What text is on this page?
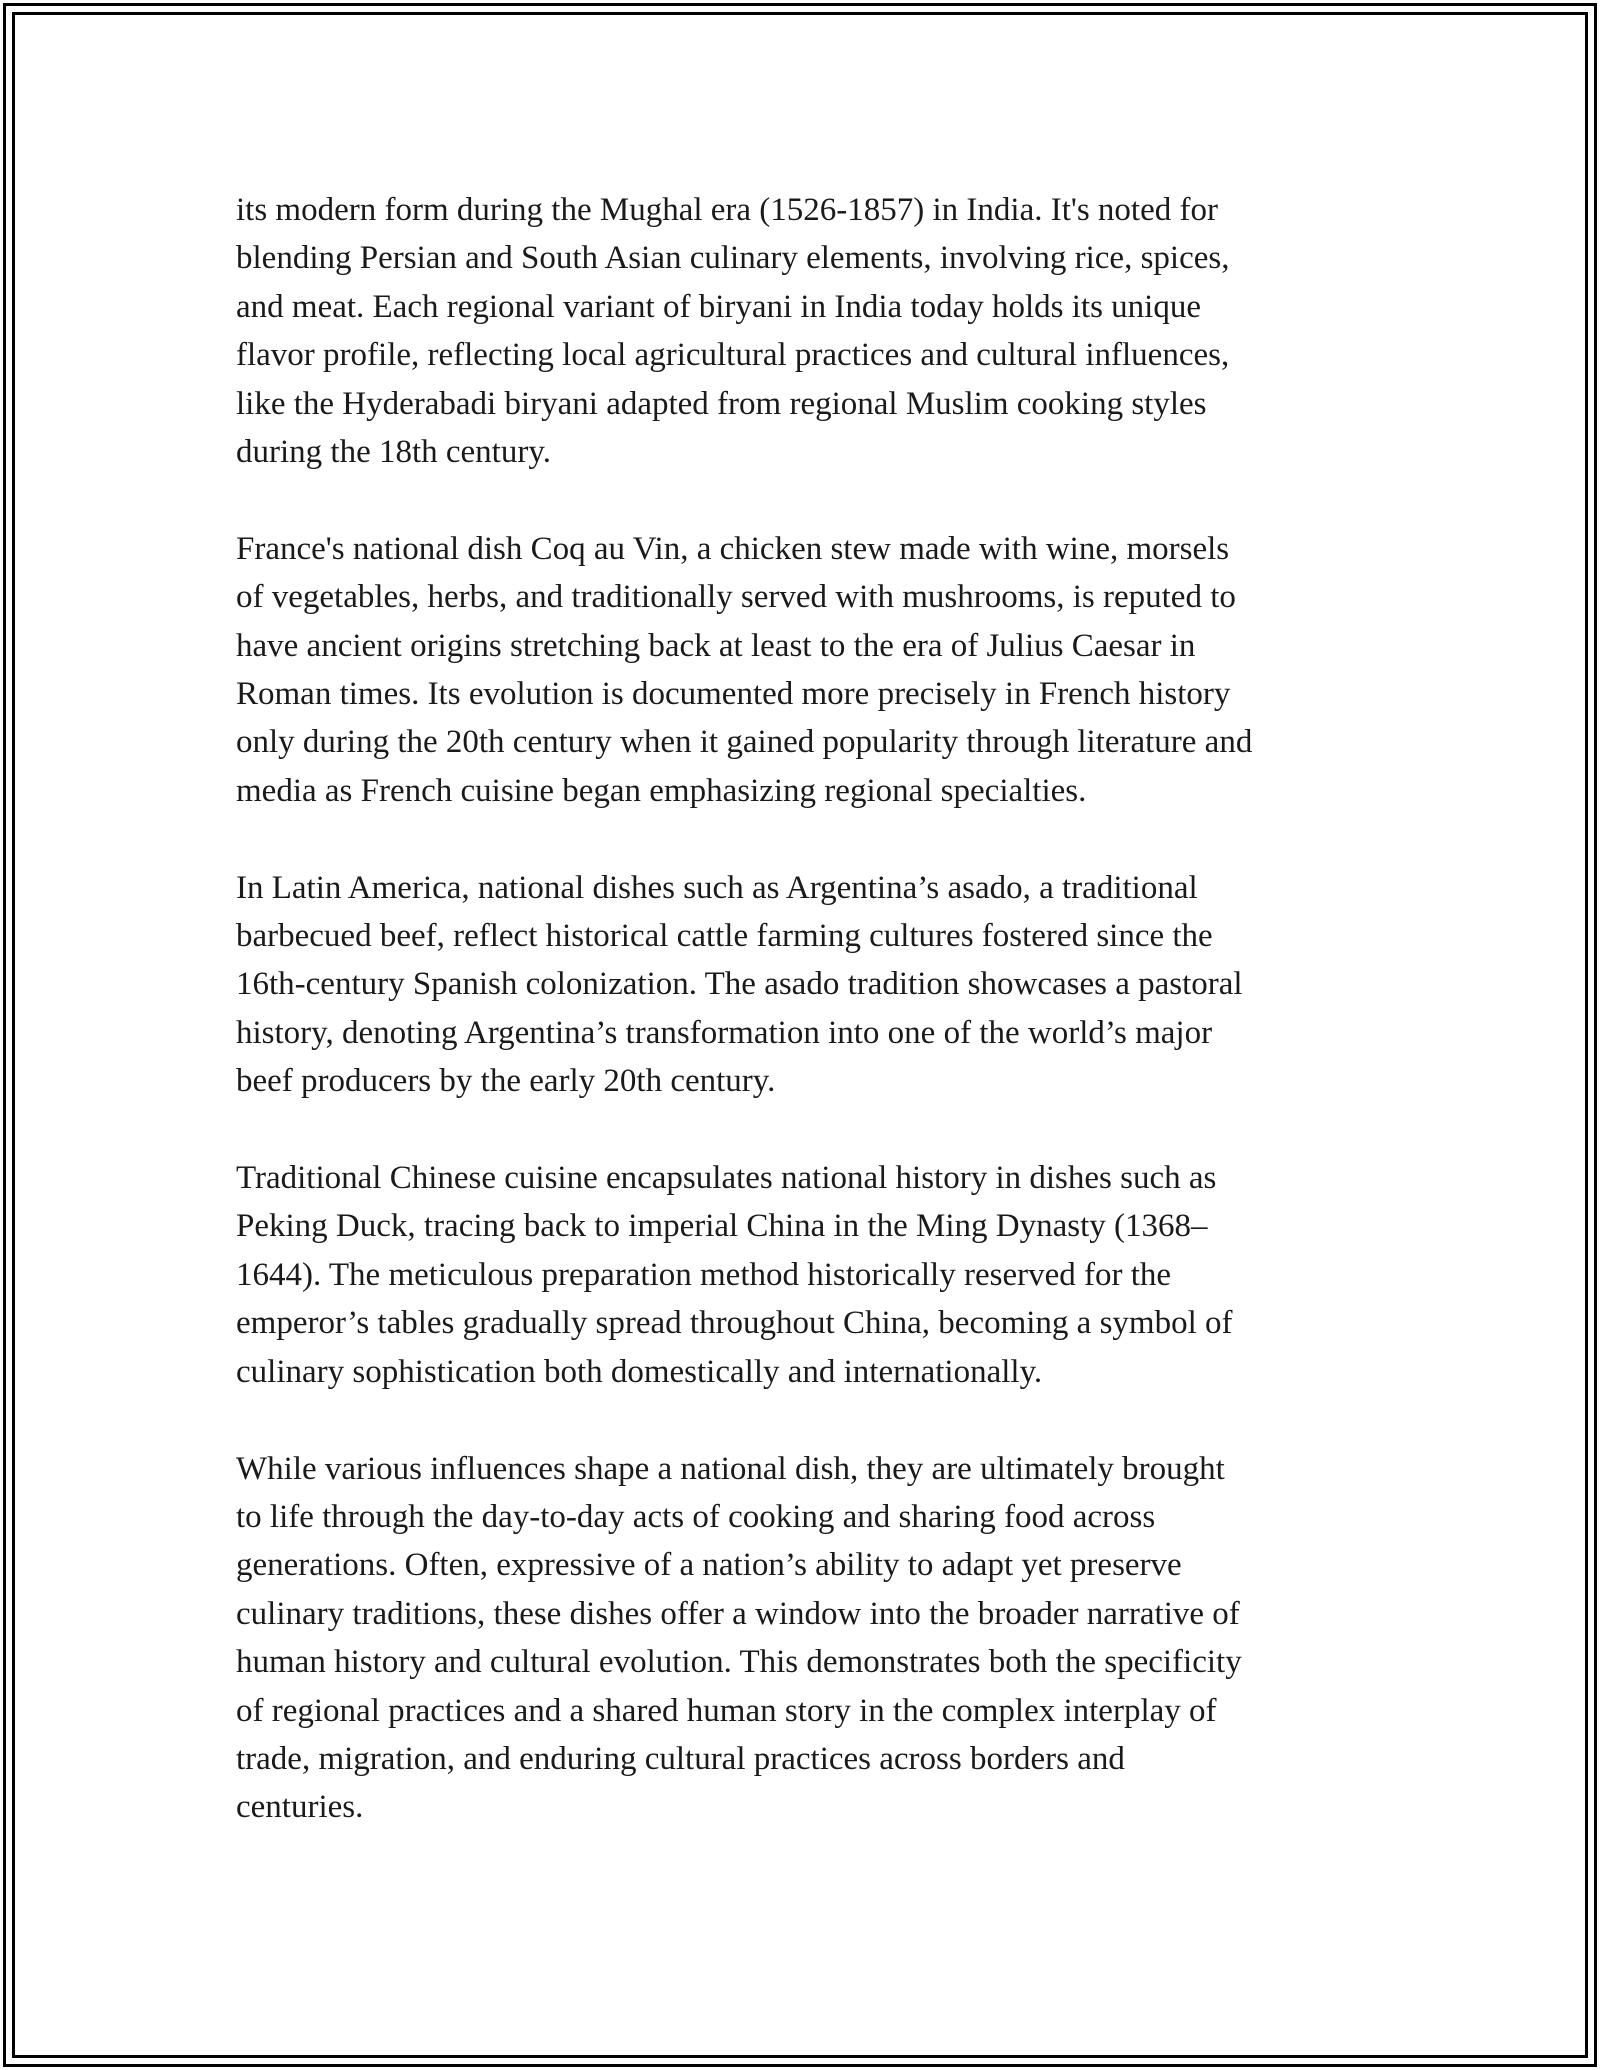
its modern form during the Mughal era (1526-1857) in India. It's noted for
blending Persian and South Asian culinary elements, involving rice, spices,
and meat. Each regional variant of biryani in India today holds its unique
flavor profile, reflecting local agricultural practices and cultural influences,
like the Hyderabadi biryani adapted from regional Muslim cooking styles
during the 18th century.

France's national dish Coq au Vin, a chicken stew made with wine, morsels
of vegetables, herbs, and traditionally served with mushrooms, is reputed to
have ancient origins stretching back at least to the era of Julius Caesar in
Roman times. Its evolution is documented more precisely in French history
only during the 20th century when it gained popularity through literature and
media as French cuisine began emphasizing regional specialties.

In Latin America, national dishes such as Argentina’s asado, a traditional
barbecued beef, reflect historical cattle farming cultures fostered since the
16th-century Spanish colonization. The asado tradition showcases a pastoral
history, denoting Argentina’s transformation into one of the world’s major
beef producers by the early 20th century.

Traditional Chinese cuisine encapsulates national history in dishes such as
Peking Duck, tracing back to imperial China in the Ming Dynasty (1368–
1644). The meticulous preparation method historically reserved for the
emperor’s tables gradually spread throughout China, becoming a symbol of
culinary sophistication both domestically and internationally.

While various influences shape a national dish, they are ultimately brought
to life through the day-to-day acts of cooking and sharing food across
generations. Often, expressive of a nation’s ability to adapt yet preserve
culinary traditions, these dishes offer a window into the broader narrative of
human history and cultural evolution. This demonstrates both the specificity
of regional practices and a shared human story in the complex interplay of
trade, migration, and enduring cultural practices across borders and
centuries.
